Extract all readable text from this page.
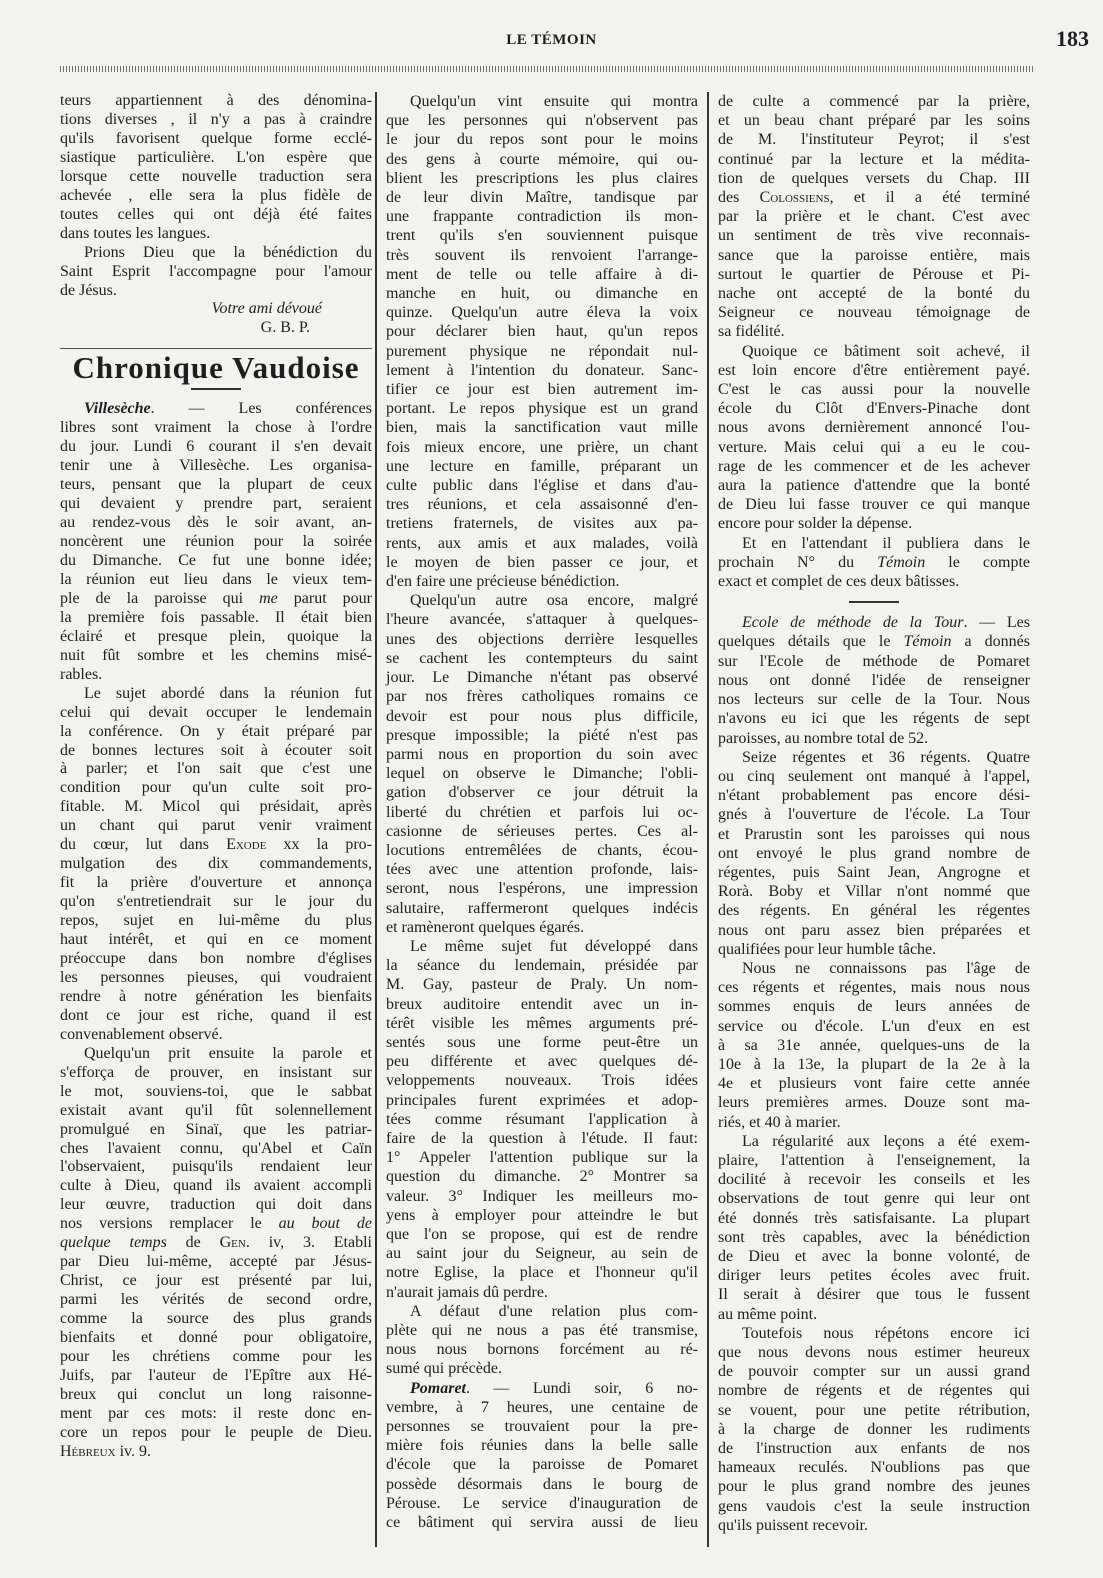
LE TÉMOIN	183
teurs appartiennent à des dénomina-
tions diverses , il n'y a pas à craindre
qu'ils favorisent quelque forme ecclé-
siastique particulière. L'on espère que
lorsque cette nouvelle traduction sera
achevée , elle sera la plus fidèle de
toutes celles qui ont déjà été faites
dans toutes les langues.
Prions Dieu que la bénédiction du
Saint Esprit l'accompagne pour l'amour
de Jésus.
Votre ami dévoué
G. B. P.
Chronique Vaudoise
Villesèche. — Les conférences
libres sont vraiment la chose à l'ordre
du jour. Lundi 6 courant il s'en devait
tenir une à Villesèche. Les organisa-
teurs, pensant que la plupart de ceux
qui devaient y prendre part, seraient
au rendez-vous dès le soir avant, an-
noncèrent une réunion pour la soirée
du Dimanche. Ce fut une bonne idée;
la réunion eut lieu dans le vieux tem-
ple de la paroisse qui me parut pour
la première fois passable. Il était bien
éclairé et presque plein, quoique la
nuit fût sombre et les chemins misé-
rables.
Le sujet abordé dans la réunion fut
celui qui devait occuper le lendemain
la conférence. On y était préparé par
de bonnes lectures soit à écouter soit
à parler; et l'on sait que c'est une
condition pour qu'un culte soit pro-
fitable. M. Micol qui présidait, après
un chant qui parut venir vraiment
du cœur, lut dans Exode xx la pro-
mulgation des dix commandements,
fit la prière d'ouverture et annonça
qu'on s'entretiendrait sur le jour du
repos, sujet en lui-même du plus
haut intérêt, et qui en ce moment
préoccupe dans bon nombre d'églises
les personnes pieuses, qui voudraient
rendre à notre génération les bienfaits
dont ce jour est riche, quand il est
convenablement observé.
Quelqu'un prit ensuite la parole et
s'efforça de prouver, en insistant sur
le mot, souviens-toi, que le sabbat
existait avant qu'il fût solennellement
promulgué en Sinaï, que les patriar-
ches l'avaient connu, qu'Abel et Caïn
l'observaient, puisqu'ils rendaient leur
culte à Dieu, quand ils avaient accompli
leur œuvre, traduction qui doit dans
nos versions remplacer le au bout de
quelque temps de Gen. iv, 3. Etabli
par Dieu lui-même, accepté par Jésus-
Christ, ce jour est présenté par lui,
parmi les vérités de second ordre,
comme la source des plus grands
bienfaits et donné pour obligatoire,
pour les chrétiens comme pour les
Juifs, par l'auteur de l'Epître aux Hé-
breux qui conclut un long raisonne-
ment par ces mots: il reste donc en-
core un repos pour le peuple de Dieu.
Hébreux iv. 9.
Quelqu'un vint ensuite qui montra
que les personnes qui n'observent pas
le jour du repos sont pour le moins
des gens à courte mémoire, qui ou-
blient les prescriptions les plus claires
de leur divin Maître, tandisque par
une frappante contradiction ils mon-
trent qu'ils s'en souviennent puisque
très souvent ils renvoient l'arrange-
ment de telle ou telle affaire à di-
manche en huit, ou dimanche en
quinze. Quelqu'un autre éleva la voix
pour déclarer bien haut, qu'un repos
purement physique ne répondait nul-
lement à l'intention du donateur. Sanc-
tifier ce jour est bien autrement im-
portant. Le repos physique est un grand
bien, mais la sanctification vaut mille
fois mieux encore, une prière, un chant
une lecture en famille, préparant un
culte public dans l'église et dans d'au-
tres réunions, et cela assaisonné d'en-
tretiens fraternels, de visites aux pa-
rents, aux amis et aux malades, voilà
le moyen de bien passer ce jour, et
d'en faire une précieuse bénédiction.
Quelqu'un autre osa encore, malgré
l'heure avancée, s'attaquer à quelques-
unes des objections derrière lesquelles
se cachent les contempteurs du saint
jour. Le Dimanche n'étant pas observé
par nos frères catholiques romains ce
devoir est pour nous plus difficile,
presque impossible; la piété n'est pas
parmi nous en proportion du soin avec
lequel on observe le Dimanche; l'obli-
gation d'observer ce jour détruit la
liberté du chrétien et parfois lui oc-
casionne de sérieuses pertes. Ces al-
locutions entremêlées de chants, écou-
tées avec une attention profonde, lais-
seront, nous l'espérons, une impression
salutaire, raffermeront quelques indécis
et ramèneront quelques égarés.
Le même sujet fut développé dans
la séance du lendemain, présidée par
M. Gay, pasteur de Praly. Un nom-
breux auditoire entendit avec un in-
térêt visible les mêmes arguments pré-
sentés sous une forme peut-être un
peu différente et avec quelques dé-
veloppements nouveaux. Trois idées
principales furent exprimées et adop-
tées comme résumant l'application à
faire de la question à l'étude. Il faut:
1° Appeler l'attention publique sur la
question du dimanche. 2° Montrer sa
valeur. 3° Indiquer les meilleurs mo-
yens à employer pour atteindre le but
que l'on se propose, qui est de rendre
au saint jour du Seigneur, au sein de
notre Eglise, la place et l'honneur qu'il
n'aurait jamais dû perdre.
A défaut d'une relation plus com-
plète qui ne nous a pas été transmise,
nous nous bornons forcément au ré-
sumé qui précède.
Pomaret. — Lundi soir, 6 no-
vembre, à 7 heures, une centaine de
personnes se trouvaient pour la pre-
mière fois réunies dans la belle salle
d'école que la paroisse de Pomaret
possède désormais dans le bourg de
Pérouse. Le service d'inauguration de
ce bâtiment qui servira aussi de lieu
de culte a commencé par la prière,
et un beau chant préparé par les soins
de M. l'instituteur Peyrot; il s'est
continué par la lecture et la médita-
tion de quelques versets du Chap. III
des Colossiens, et il a été terminé
par la prière et le chant. C'est avec
un sentiment de très vive reconnais-
sance que la paroisse entière, mais
surtout le quartier de Pérouse et Pi-
nache ont accepté de la bonté du
Seigneur ce nouveau témoignage de
sa fidélité.
Quoique ce bâtiment soit achevé, il
est loin encore d'être entièrement payé.
C'est le cas aussi pour la nouvelle
école du Clôt d'Envers-Pinache dont
nous avons dernièrement annoncé l'ou-
verture. Mais celui qui a eu le cou-
rage de les commencer et de les achever
aura la patience d'attendre que la bonté
de Dieu lui fasse trouver ce qui manque
encore pour solder la dépense.
Et en l'attendant il publiera dans le
prochain N° du Témoin le compte
exact et complet de ces deux bâtisses.
Ecole de méthode de la Tour. — Les
quelques détails que le Témoin a donnés
sur l'Ecole de méthode de Pomaret
nous ont donné l'idée de renseigner
nos lecteurs sur celle de la Tour. Nous
n'avons eu ici que les régents de sept
paroisses, au nombre total de 52.
Seize régentes et 36 régents. Quatre
ou cinq seulement ont manqué à l'appel,
n'étant probablement pas encore dési-
gnés à l'ouverture de l'école. La Tour
et Prarustin sont les paroisses qui nous
ont envoyé le plus grand nombre de
régentes, puis Saint Jean, Angrogne et
Rorà. Boby et Villar n'ont nommé que
des régents. En général les régentes
nous ont paru assez bien préparées et
qualifiées pour leur humble tâche.
Nous ne connaissons pas l'âge de
ces régents et régentes, mais nous nous
sommes enquis de leurs années de
service ou d'école. L'un d'eux en est
à sa 31e année, quelques-uns de la
10e à la 13e, la plupart de la 2e à la
4e et plusieurs vont faire cette année
leurs premières armes. Douze sont ma-
riés, et 40 à marier.
La régularité aux leçons a été exem-
plaire, l'attention à l'enseignement, la
docilité à recevoir les conseils et les
observations de tout genre qui leur ont
été donnés très satisfaisante. La plupart
sont très capables, avec la bénédiction
de Dieu et avec la bonne volonté, de
diriger leurs petites écoles avec fruit.
Il serait à désirer que tous le fussent
au même point.
Toutefois nous répétons encore ici
que nous devons nous estimer heureux
de pouvoir compter sur un aussi grand
nombre de régents et de régentes qui
se vouent, pour une petite rétribution,
à la charge de donner les rudiments
de l'instruction aux enfants de nos
hameaux reculés. N'oublions pas que
pour le plus grand nombre des jeunes
gens vaudois c'est la seule instruction
qu'ils puissent recevoir.
